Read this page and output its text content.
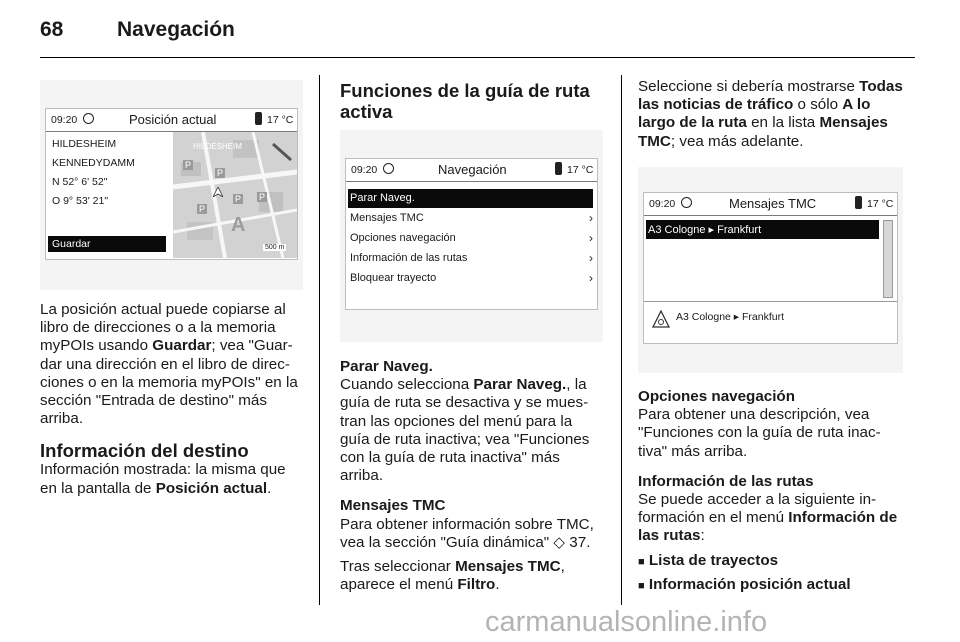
68	Navegación
09:20	Posición actual	17 °C
HILDESHEIM
KENNEDYDAMM
N 52° 6' 52"
O 9° 53' 21"
Guardar
HILDESHEIM
P
P
P
P
P
A
500 m

La posición actual puede copiarse al libro de direcciones o a la memoria myPOIs usando Guardar; vea "Guar-dar una dirección en el libro de direc-ciones o en la memoria myPOIs" en la sección "Entrada de destino" más arriba.

Información del destino

Información mostrada: la misma que en la pantalla de Posición actual.

Funciones de la guía de ruta activa
09:20	Navegación	17 °C
Parar Naveg.
Mensajes TMC	›
Opciones navegación	›
Información de las rutas	›
Bloquear trayecto	›
Parar Naveg.

Cuando selecciona Parar Naveg., la guía de ruta se desactiva y se mues-tran las opciones del menú para la guía de ruta inactiva; vea "Funciones con la guía de ruta inactiva" más arriba.

Mensajes TMC

Para obtener información sobre TMC, vea la sección "Guía dinámica" ◇ 37.

Tras seleccionar Mensajes TMC, aparece el menú Filtro.

Seleccione si debería mostrarse Todas las noticias de tráfico o sólo A lo largo de la ruta en la lista Mensajes TMC; vea más adelante.

09:20	Mensajes TMC	17 °C
A3 Cologne ▸ Frankfurt
A3 Cologne ▸ Frankfurt
Opciones navegación

Para obtener una descripción, vea "Funciones con la guía de ruta inac-tiva" más arriba.

Información de las rutas

Se puede acceder a la siguiente in-formación en el menú Información de las rutas:

■ Lista de trayectos

■ Información posición actual

carmanualsonline.info
